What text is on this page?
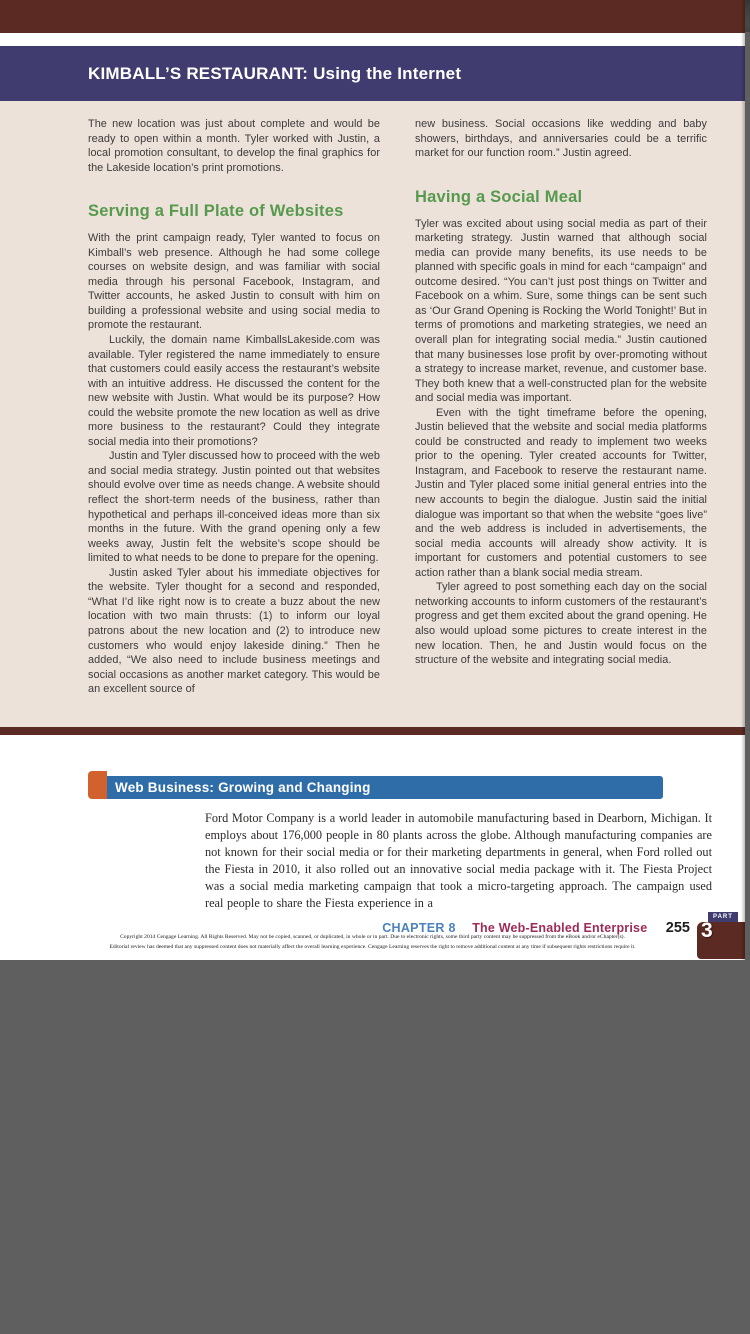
KIMBALL’S RESTAURANT: Using the Internet

The new location was just about complete and would be ready to open within a month. Tyler worked with Justin, a local promotion consultant, to develop the final graphics for the Lakeside location’s print promotions.

Serving a Full Plate of Websites

With the print campaign ready, Tyler wanted to focus on Kimball’s web presence. Although he had some college courses on website design, and was familiar with social media through his personal Facebook, Instagram, and Twitter accounts, he asked Justin to consult with him on building a professional website and using social media to promote the restaurant.

Luckily, the domain name KimballsLakeside.com was available. Tyler registered the name immediately to ensure that customers could easily access the restaurant’s website with an intuitive address. He discussed the content for the new website with Justin. What would be its purpose? How could the website promote the new location as well as drive more business to the restaurant? Could they integrate social media into their promotions?

Justin and Tyler discussed how to proceed with the web and social media strategy. Justin pointed out that websites should evolve over time as needs change. A website should reflect the short-term needs of the business, rather than hypothetical and perhaps ill-conceived ideas more than six months in the future. With the grand opening only a few weeks away, Justin felt the website’s scope should be limited to what needs to be done to prepare for the opening.

Justin asked Tyler about his immediate objectives for the website. Tyler thought for a second and responded, “What I’d like right now is to create a buzz about the new location with two main thrusts: (1) to inform our loyal patrons about the new location and (2) to introduce new customers who would enjoy lakeside dining.” Then he added, “We also need to include business meetings and social occasions as another market category. This would be an excellent source of

new business. Social occasions like wedding and baby showers, birthdays, and anniversaries could be a terrific market for our function room.” Justin agreed.

Having a Social Meal

Tyler was excited about using social media as part of their marketing strategy. Justin warned that although social media can provide many benefits, its use needs to be planned with specific goals in mind for each “campaign” and outcome desired. “You can’t just post things on Twitter and Facebook on a whim. Sure, some things can be sent such as ‘Our Grand Opening is Rocking the World Tonight!’ But in terms of promotions and marketing strategies, we need an overall plan for integrating social media.” Justin cautioned that many businesses lose profit by over-promoting without a strategy to increase market, revenue, and customer base. They both knew that a well-constructed plan for the website and social media was important.

Even with the tight timeframe before the opening, Justin believed that the website and social media platforms could be constructed and ready to implement two weeks prior to the opening. Tyler created accounts for Twitter, Instagram, and Facebook to reserve the restaurant name. Justin and Tyler placed some initial general entries into the new accounts to begin the dialogue. Justin said the initial dialogue was important so that when the website “goes live” and the web address is included in advertisements, the social media accounts will already show activity. It is important for customers and potential customers to see action rather than a blank social media stream.

Tyler agreed to post something each day on the social networking accounts to inform customers of the restaurant’s progress and get them excited about the grand opening. He also would upload some pictures to create interest in the new location. Then, he and Justin would focus on the structure of the website and integrating social media.

Web Business: Growing and Changing
Ford Motor Company is a world leader in automobile manufacturing based in Dearborn, Michigan. It employs about 176,000 people in 80 plants across the globe. Although manufacturing companies are not known for their social media or for their marketing departments in general, when Ford rolled out the Fiesta in 2010, it also rolled out an innovative social media package with it. The Fiesta Project was a social media marketing campaign that took a micro-targeting approach. The campaign used real people to share the Fiesta experience in a
CHAPTER 8 The Web-Enabled Enterprise 255
PART
3
Copyright 2014 Cengage Learning. All Rights Reserved. May not be copied, scanned, or duplicated, in whole or in part. Due to electronic rights, some third party content may be suppressed from the eBook and/or eChapter(s).
Editorial review has deemed that any suppressed content does not materially affect the overall learning experience. Cengage Learning reserves the right to remove additional content at any time if subsequent rights restrictions require it.
